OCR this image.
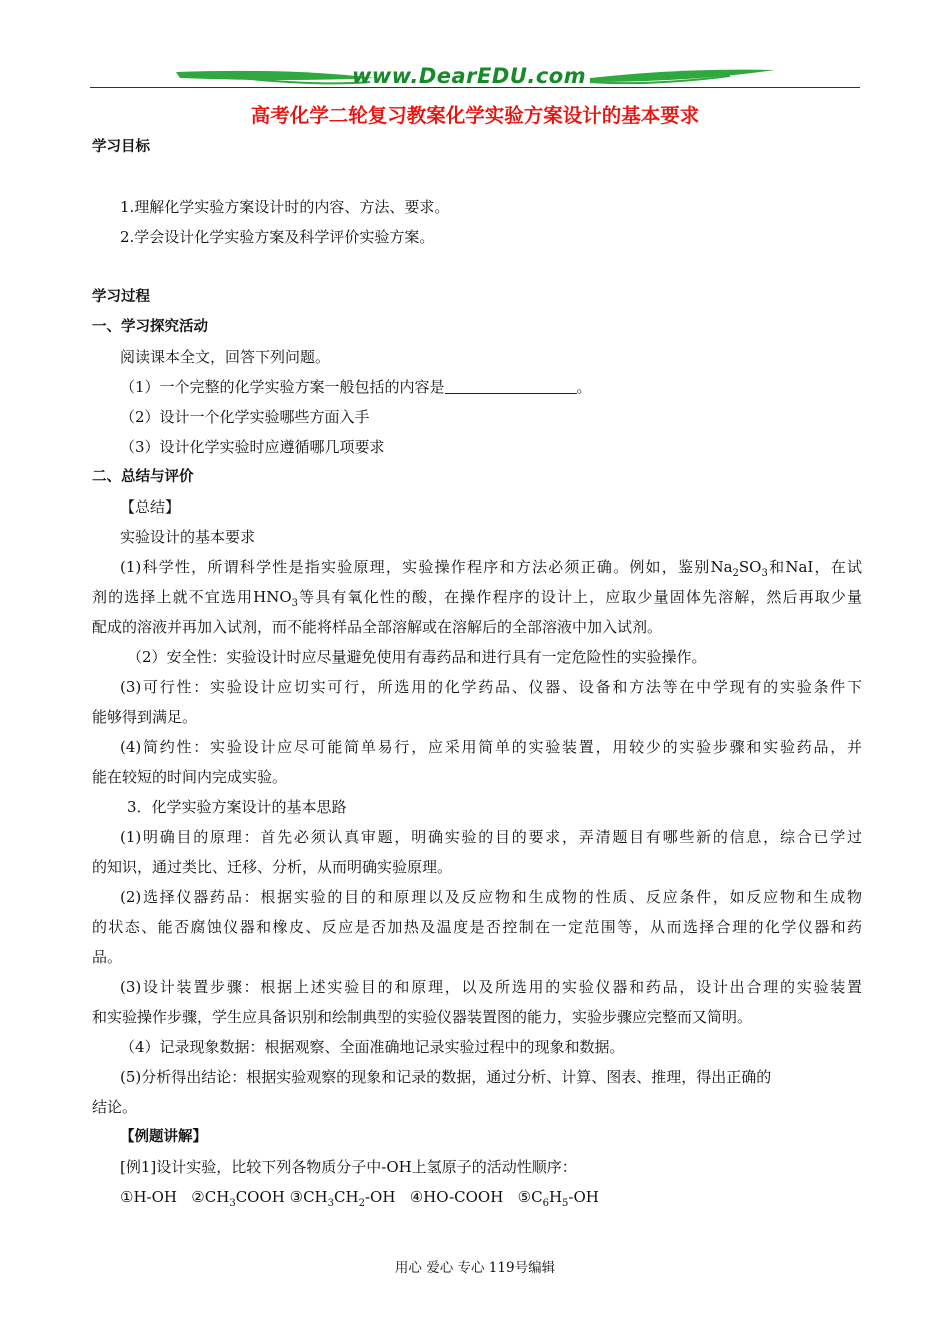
www.DearEDU.com
高考化学二轮复习教案化学实验方案设计的基本要求
学习目标
1.理解化学实验方案设计时的内容、方法、要求。
2.学会设计化学实验方案及科学评价实验方案。
学习过程
一、学习探究活动
阅读课本全文，回答下列问题。
（1）一个完整的化学实验方案一般包括的内容是	。
（2）设计一个化学实验哪些方面入手
（3）设计化学实验时应遵循哪几项要求
二、总结与评价
【总结】
实验设计的基本要求
(1)科学性，所谓科学性是指实验原理，实验操作程序和方法必须正确。例如，鉴别$Na_2SO_3$和NaI，在试
剂的选择上就不宜选用$HNO_3$等具有氧化性的酸，在操作程序的设计上，应取少量固体先溶解，然后再取少量
配成的溶液并再加入试剂，而不能将样品全部溶解或在溶解后的全部溶液中加入试剂。
（2）安全性：实验设计时应尽量避免使用有毒药品和进行具有一定危险性的实验操作。
(3)可行性：实验设计应切实可行，所选用的化学药品、仪器、设备和方法等在中学现有的实验条件下
能够得到满足。
(4)简约性：实验设计应尽可能简单易行，应采用简单的实验装置，用较少的实验步骤和实验药品，并
能在较短的时间内完成实验。
3．化学实验方案设计的基本思路
(1)明确目的原理：首先必须认真审题，明确实验的目的要求，弄清题目有哪些新的信息，综合已学过
的知识，通过类比、迁移、分析，从而明确实验原理。
(2)选择仪器药品：根据实验的目的和原理以及反应物和生成物的性质、反应条件，如反应物和生成物
的状态、能否腐蚀仪器和橡皮、反应是否加热及温度是否控制在一定范围等，从而选择合理的化学仪器和药
品。
(3)设计装置步骤：根据上述实验目的和原理，以及所选用的实验仪器和药品，设计出合理的实验装置
和实验操作步骤，学生应具备识别和绘制典型的实验仪器装置图的能力，实验步骤应完整而又简明。
（4）记录现象数据：根据观察、全面准确地记录实验过程中的现象和数据。
(5)分析得出结论：根据实验观察的现象和记录的数据，通过分析、计算、图表、推理，得出正确的
结论。
【例题讲解】
[例1]设计实验，比较下列各物质分子中-OH上氢原子的活动性顺序：
①H-OH $②CH_3COOH$ $③CH_3CH_2-OH$ ④HO-COOH $⑤C_6H_5-OH$
用心 爱心 专心 119号编辑
